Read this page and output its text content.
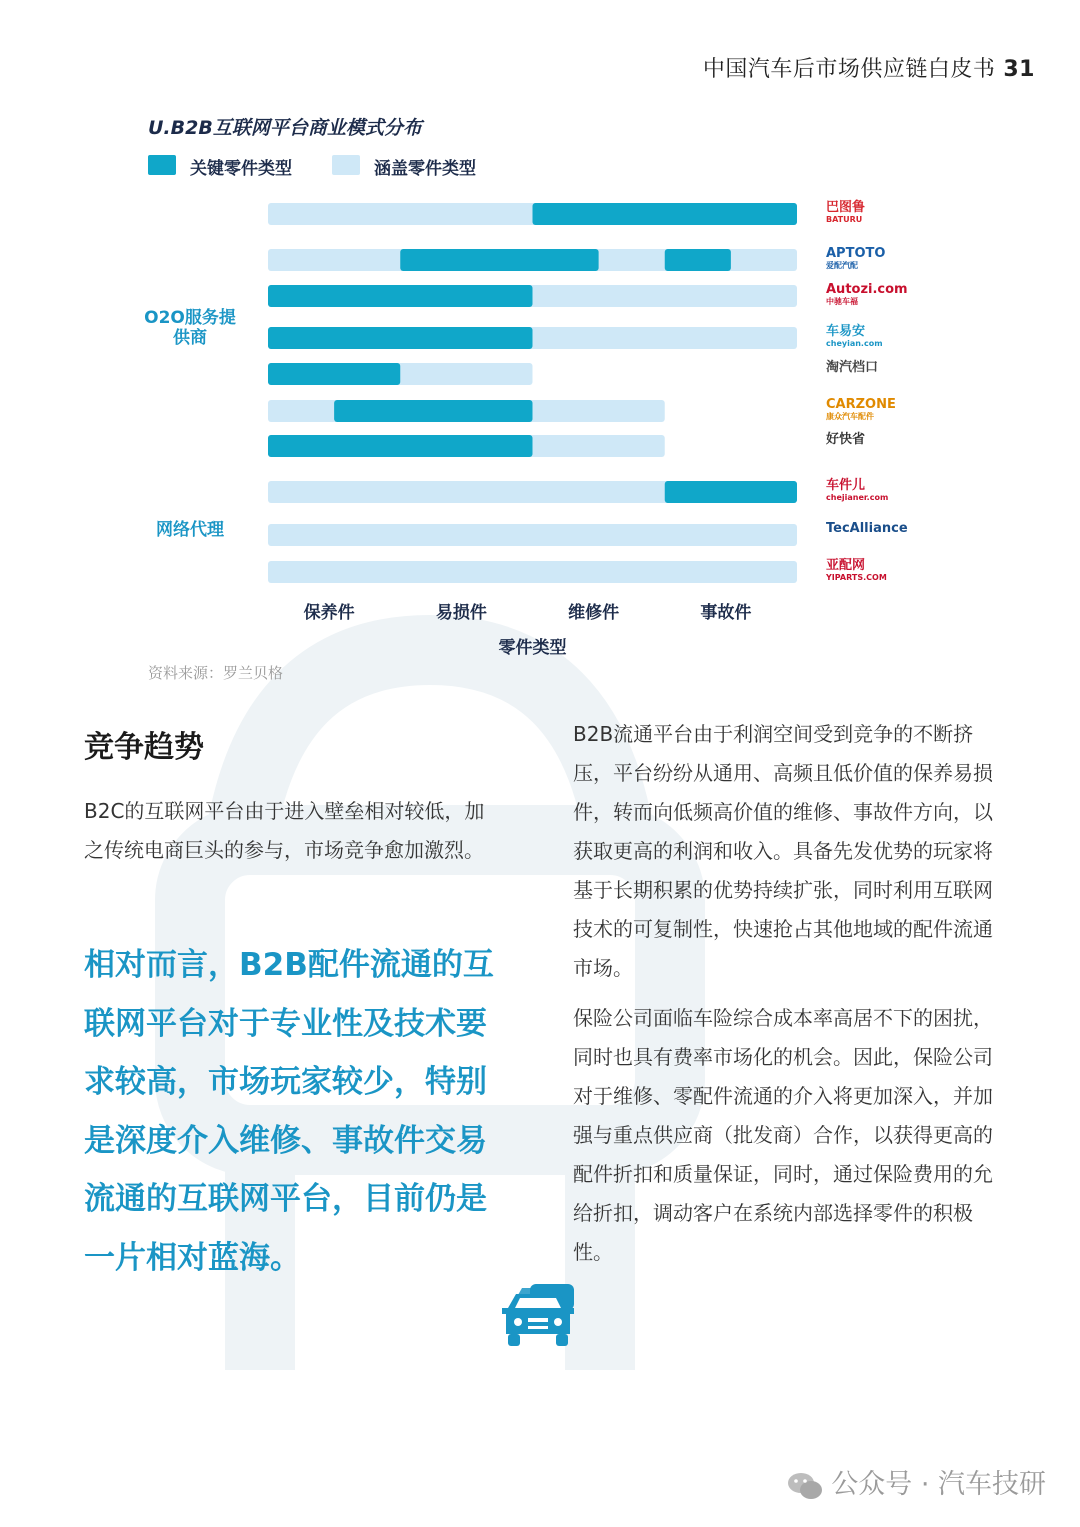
中国汽车后市场供应链白皮书 31
U.B2B互联网平台商业模式分布
关键零件类型	涵盖零件类型
O2O服务提供商
网络代理
保养件	易损件	维修件	事故件
零件类型
巴图鲁
BATURU
APTOTO
爱配汽配
Autozi.com
中驰车福
车易安
cheyian.com
淘汽档口
CARZONE
康众汽车配件
好快省
车件儿
chejianer.com
TecAlliance
亚配网
YIPARTS.COM
资料来源：罗兰贝格
竞争趋势
B2C的互联网平台由于进入壁垒相对较低，加之传统电商巨头的参与，市场竞争愈加激烈。
相对而言，B2B配件流通的互联网平台对于专业性及技术要求较高，市场玩家较少，特别是深度介入维修、事故件交易流通的互联网平台，目前仍是一片相对蓝海。
B2B流通平台由于利润空间受到竞争的不断挤压，平台纷纷从通用、高频且低价值的保养易损件，转而向低频高价值的维修、事故件方向，以获取更高的利润和收入。具备先发优势的玩家将基于长期积累的优势持续扩张，同时利用互联网技术的可复制性，快速抢占其他地域的配件流通市场。
保险公司面临车险综合成本率高居不下的困扰，同时也具有费率市场化的机会。因此，保险公司对于维修、零配件流通的介入将更加深入，并加强与重点供应商（批发商）合作，以获得更高的配件折扣和质量保证，同时，通过保险费用的允给折扣，调动客户在系统内部选择零件的积极性。
公众号 · 汽车技研
